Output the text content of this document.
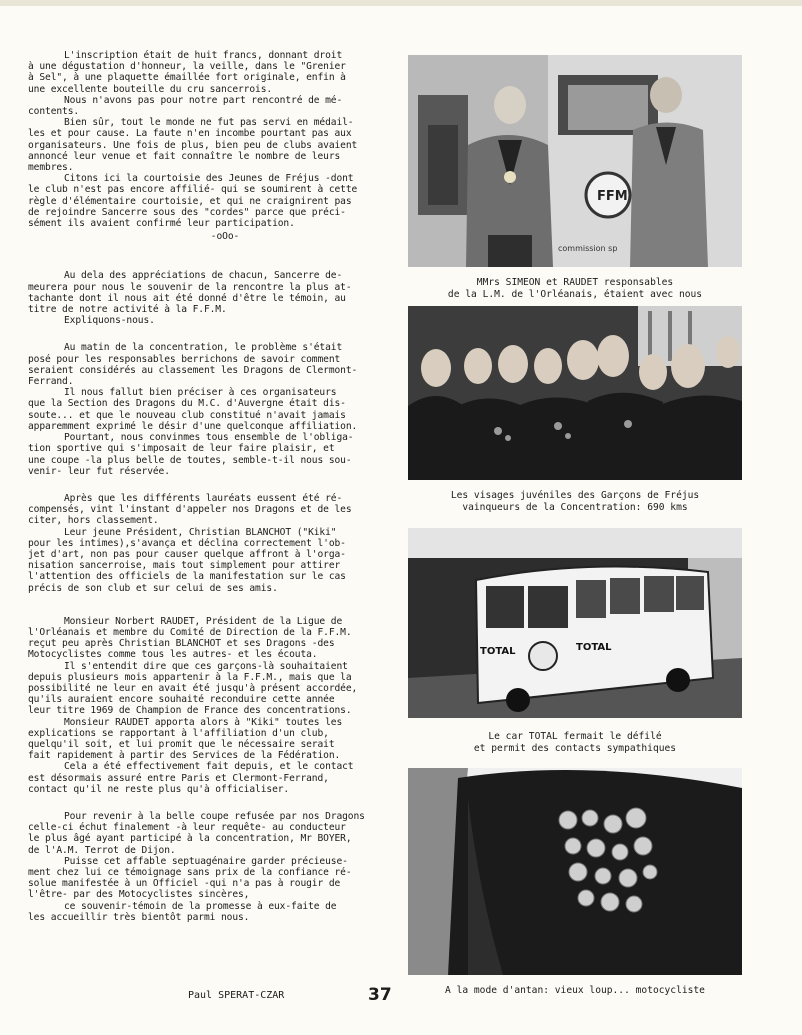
L'inscription était de huit francs, donnant droit
à une dégustation d'honneur, la veille, dans le "Grenier
à Sel", à une plaquette émaillée fort originale, enfin à
une excellente bouteille du cru sancerrois.

Nous n'avons pas pour notre part rencontré de mé-
contents.

Bien sûr, tout le monde ne fut pas servi en médail-
les et pour cause. La faute n'en incombe pourtant pas aux
organisateurs. Une fois de plus, bien peu de clubs avaient
annoncé leur venue et fait connaître le nombre de leurs
membres.

Citons ici la courtoisie des Jeunes de Fréjus -dont
le club n'est pas encore affilié- qui se soumirent à cette
règle d'élémentaire courtoisie, et qui ne craignirent pas
de rejoindre Sancerre sous des "cordes" parce que préci-
sément ils avaient confirmé leur participation.

-oOo-

Au dela des appréciations de chacun, Sancerre de-
meurera pour nous le souvenir de la rencontre la plus at-
tachante dont il nous ait été donné d'être le témoin, au
titre de notre activité à la F.F.M.

Expliquons-nous.

Au matin de la concentration, le problème s'était
posé pour les responsables berrichons de savoir comment
seraient considérés au classement les Dragons de Clermont-
Ferrand.

Il nous fallut bien préciser à ces organisateurs
que la Section des Dragons du M.C. d'Auvergne était dis-
soute... et que le nouveau club constitué n'avait jamais
apparemment exprimé le désir d'une quelconque affiliation.

Pourtant, nous convinmes tous ensemble de l'obliga-
tion sportive qui s'imposait de leur faire plaisir, et
une coupe -la plus belle de toutes, semble-t-il nous sou-
venir- leur fut réservée.

Après que les différents lauréats eussent été ré-
compensés, vint l'instant d'appeler nos Dragons et de les
citer, hors classement.

Leur jeune Président, Christian BLANCHOT ("Kiki"
pour les intimes),s'avança et déclina correctement l'ob-
jet d'art, non pas pour causer quelque affront à l'orga-
nisation sancerroise, mais tout simplement pour attirer
l'attention des officiels de la manifestation sur le cas
précis de son club et sur celui de ses amis.

Monsieur Norbert RAUDET, Président de la Ligue de
l'Orléanais et membre du Comité de Direction de la F.F.M.
reçut peu après Christian BLANCHOT et ses Dragons -des
Motocyclistes comme tous les autres- et les écouta.

Il s'entendit dire que ces garçons-là souhaitaient
depuis plusieurs mois appartenir à la F.F.M., mais que la
possibilité ne leur en avait été jusqu'à présent accordée,
qu'ils auraient encore souhaité reconduire cette année
leur titre 1969 de Champion de France des concentrations.

Monsieur RAUDET apporta alors à "Kiki" toutes les
explications se rapportant à l'affiliation d'un club,
quelqu'il soit, et lui promit que le nécessaire serait
fait rapidement à partir des Services de la Fédération.

Cela a été effectivement fait depuis, et le contact
est désormais assuré entre Paris et Clermont-Ferrand,
contact qu'il ne reste plus qu'à officialiser.

Pour revenir à la belle coupe refusée par nos Dragons
celle-ci échut finalement -à leur requête- au conducteur
le plus âgé ayant participé à la concentration, Mr BOYER,
de l'A.M. Terrot de Dijon.

Puisse cet affable septuagénaire garder précieuse-
ment chez lui ce témoignage sans prix de la confiance ré-
solue manifestée à un Officiel -qui n'a pas à rougir de
l'être- par des Motocyclistes sincères,

ce souvenir-témoin de la promesse à eux-faite de
les accueillir très bientôt parmi nous.

FFM
commission sp
MMrs SIMEON et RAUDET responsables
de la L.M. de l'Orléanais, étaient avec nous
Les visages juvéniles des Garçons de Fréjus
vainqueurs de la Concentration: 690 kms
TOTAL	TOTAL
Le car TOTAL fermait le défilé
et permit des contacts sympathiques
A la mode d'antan: vieux loup... motocycliste
Paul SPERAT-CZAR	37
